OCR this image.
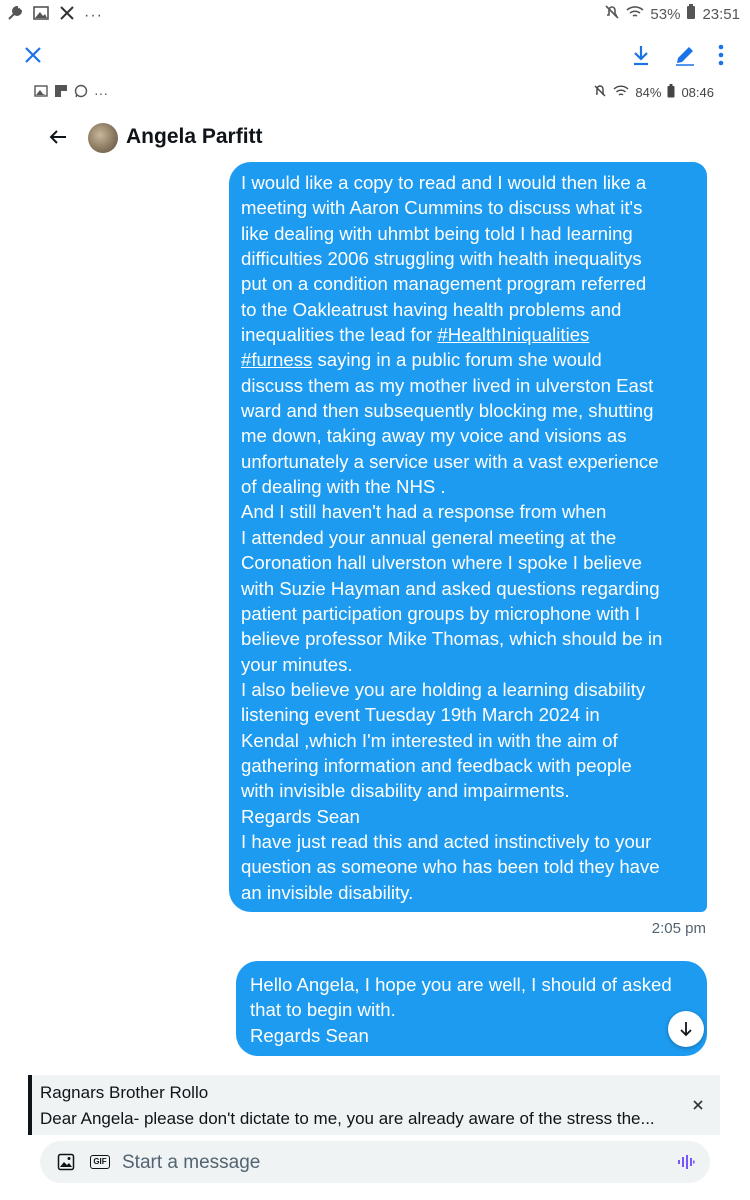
···	53% 23:51
···	84% 08:46
Angela Parfitt
I would like a copy to read and I would then like a
meeting with Aaron Cummins to discuss what it's
like dealing with uhmbt being told I had learning
difficulties 2006 struggling with health inequalitys
put on a condition management program referred
to the Oakleatrust having health problems and
inequalities the lead for #HealthIniqualities
#furness saying in a public forum she would
discuss them as my mother lived in ulverston East
ward and then subsequently blocking me, shutting
me down, taking away my voice and visions as
unfortunately a service user with a vast experience
of dealing with the NHS .
And I still haven't had a response from when
I attended your annual general meeting at the
Coronation hall ulverston where I spoke I believe
with Suzie Hayman and asked questions regarding
patient participation groups by microphone with I
believe professor Mike Thomas, which should be in
your minutes.
I also believe you are holding a learning disability
listening event Tuesday 19th March 2024 in
Kendal ,which I'm interested in with the aim of
gathering information and feedback with people
with invisible disability and impairments.
Regards Sean
I have just read this and acted instinctively to your
question as someone who has been told they have
an invisible disability.
2:05 pm
Hello Angela, I hope you are well, I should of asked
that to begin with.
Regards Sean
Ragnars Brother Rollo
Dear Angela- please don't dictate to me, you are already aware of the stress the...
GIF
Start a message
